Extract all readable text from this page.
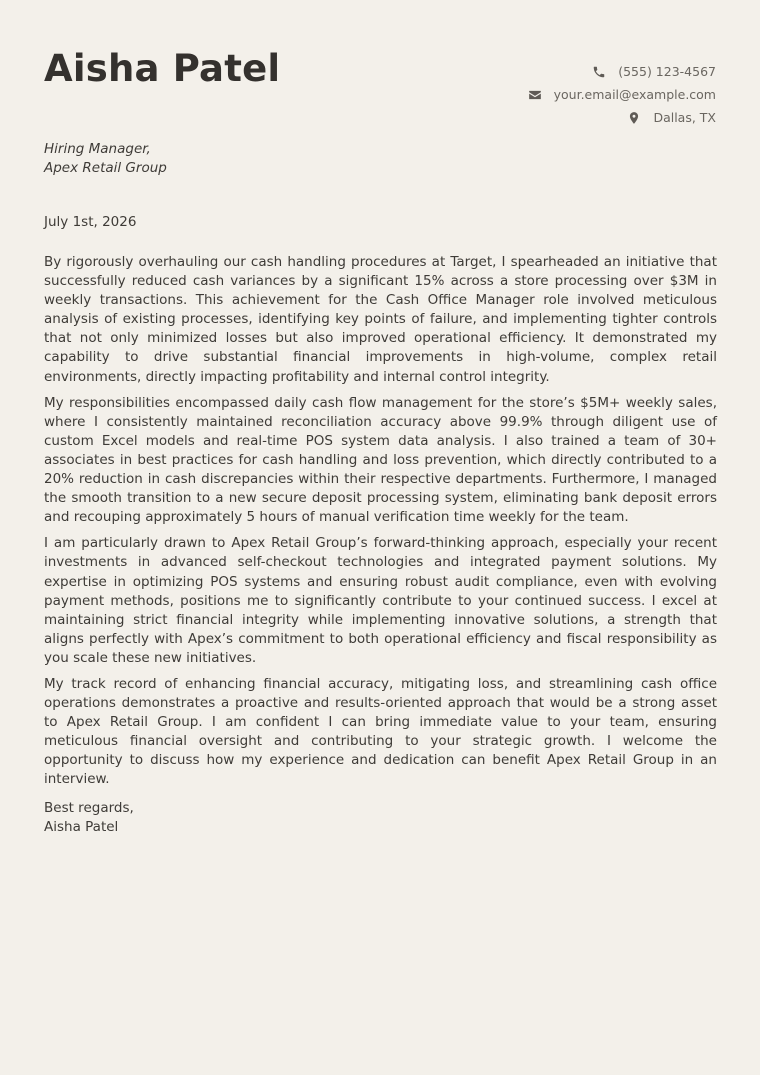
Aisha Patel	(555) 123-4567
your.email@example.com
Dallas, TX
Hiring Manager,
Apex Retail Group
July 1st, 2026

By rigorously overhauling our cash handling procedures at Target, I spearheaded an initiative that successfully reduced cash variances by a significant 15% across a store processing over $3M in weekly transactions. This achievement for the Cash Office Manager role involved meticulous analysis of existing processes, identifying key points of failure, and implementing tighter controls that not only minimized losses but also improved operational efficiency. It demonstrated my capability to drive substantial financial improvements in high-volume, complex retail environments, directly impacting profitability and internal control integrity.

My responsibilities encompassed daily cash flow management for the store’s $5M+ weekly sales, where I consistently maintained reconciliation accuracy above 99.9% through diligent use of custom Excel models and real-time POS system data analysis. I also trained a team of 30+ associates in best practices for cash handling and loss prevention, which directly contributed to a 20% reduction in cash discrepancies within their respective departments. Furthermore, I managed the smooth transition to a new secure deposit processing system, eliminating bank deposit errors and recouping approximately 5 hours of manual verification time weekly for the team.

I am particularly drawn to Apex Retail Group’s forward-thinking approach, especially your recent investments in advanced self-checkout technologies and integrated payment solutions. My expertise in optimizing POS systems and ensuring robust audit compliance, even with evolving payment methods, positions me to significantly contribute to your continued success. I excel at maintaining strict financial integrity while implementing innovative solutions, a strength that aligns perfectly with Apex’s commitment to both operational efficiency and fiscal responsibility as you scale these new initiatives.

My track record of enhancing financial accuracy, mitigating loss, and streamlining cash office operations demonstrates a proactive and results-oriented approach that would be a strong asset to Apex Retail Group. I am confident I can bring immediate value to your team, ensuring meticulous financial oversight and contributing to your strategic growth. I welcome the opportunity to discuss how my experience and dedication can benefit Apex Retail Group in an interview.

Best regards,
Aisha Patel
